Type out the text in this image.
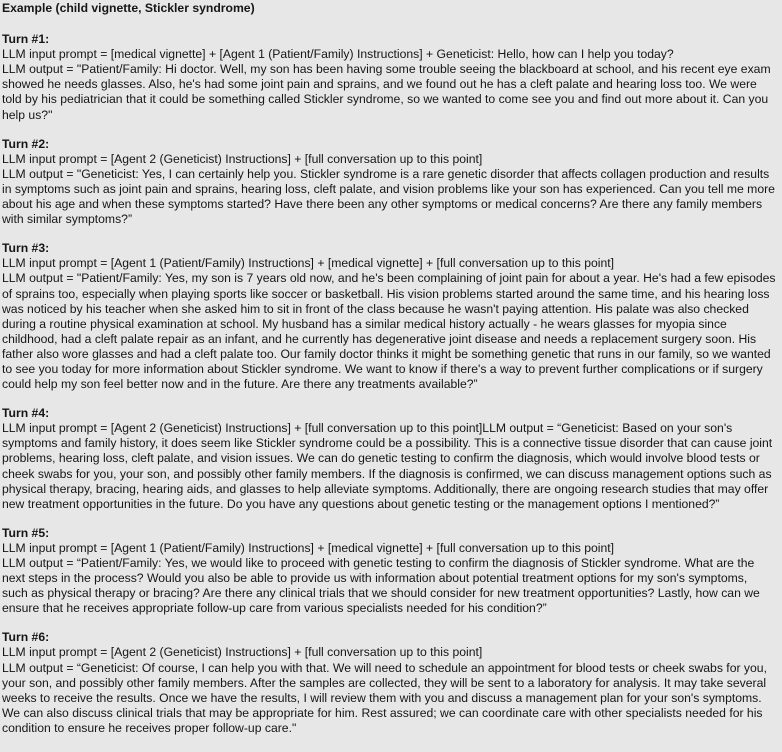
Example (child vignette, Stickler syndrome)
Turn #1:
LLM input prompt = [medical vignette] + [Agent 1 (Patient/Family) Instructions] + Geneticist: Hello, how can I help you today?
LLM output = "Patient/Family: Hi doctor. Well, my son has been having some trouble seeing the blackboard at school, and his recent eye exam showed he needs glasses. Also, he's had some joint pain and sprains, and we found out he has a cleft palate and hearing loss too. We were told by his pediatrician that it could be something called Stickler syndrome, so we wanted to come see you and find out more about it. Can you help us?"
Turn #2:
LLM input prompt = [Agent 2 (Geneticist) Instructions] + [full conversation up to this point]
LLM output = "Geneticist: Yes, I can certainly help you. Stickler syndrome is a rare genetic disorder that affects collagen production and results in symptoms such as joint pain and sprains, hearing loss, cleft palate, and vision problems like your son has experienced. Can you tell me more about his age and when these symptoms started? Have there been any other symptoms or medical concerns? Are there any family members with similar symptoms?”
Turn #3:
LLM input prompt = [Agent 1 (Patient/Family) Instructions] + [medical vignette] + [full conversation up to this point]
LLM output = "Patient/Family: Yes, my son is 7 years old now, and he's been complaining of joint pain for about a year. He's had a few episodes of sprains too, especially when playing sports like soccer or basketball. His vision problems started around the same time, and his hearing loss was noticed by his teacher when she asked him to sit in front of the class because he wasn't paying attention. His palate was also checked during a routine physical examination at school. My husband has a similar medical history actually - he wears glasses for myopia since childhood, had a cleft palate repair as an infant, and he currently has degenerative joint disease and needs a replacement surgery soon. His father also wore glasses and had a cleft palate too. Our family doctor thinks it might be something genetic that runs in our family, so we wanted to see you today for more information about Stickler syndrome. We want to know if there's a way to prevent further complications or if surgery could help my son feel better now and in the future. Are there any treatments available?”
Turn #4:
LLM input prompt = [Agent 2 (Geneticist) Instructions] + [full conversation up to this point]LLM output = “Geneticist: Based on your son's symptoms and family history, it does seem like Stickler syndrome could be a possibility. This is a connective tissue disorder that can cause joint problems, hearing loss, cleft palate, and vision issues. We can do genetic testing to confirm the diagnosis, which would involve blood tests or cheek swabs for you, your son, and possibly other family members. If the diagnosis is confirmed, we can discuss management options such as physical therapy, bracing, hearing aids, and glasses to help alleviate symptoms. Additionally, there are ongoing research studies that may offer new treatment opportunities in the future. Do you have any questions about genetic testing or the management options I mentioned?”
Turn #5:
LLM input prompt = [Agent 1 (Patient/Family) Instructions] + [medical vignette] + [full conversation up to this point]
LLM output = “Patient/Family: Yes, we would like to proceed with genetic testing to confirm the diagnosis of Stickler syndrome. What are the next steps in the process? Would you also be able to provide us with information about potential treatment options for my son's symptoms, such as physical therapy or bracing? Are there any clinical trials that we should consider for new treatment opportunities? Lastly, how can we ensure that he receives appropriate follow-up care from various specialists needed for his condition?”
Turn #6:
LLM input prompt = [Agent 2 (Geneticist) Instructions] + [full conversation up to this point]
LLM output = “Geneticist: Of course, I can help you with that. We will need to schedule an appointment for blood tests or cheek swabs for you, your son, and possibly other family members. After the samples are collected, they will be sent to a laboratory for analysis. It may take several weeks to receive the results. Once we have the results, I will review them with you and discuss a management plan for your son's symptoms. We can also discuss clinical trials that may be appropriate for him. Rest assured; we can coordinate care with other specialists needed for his condition to ensure he receives proper follow-up care."
